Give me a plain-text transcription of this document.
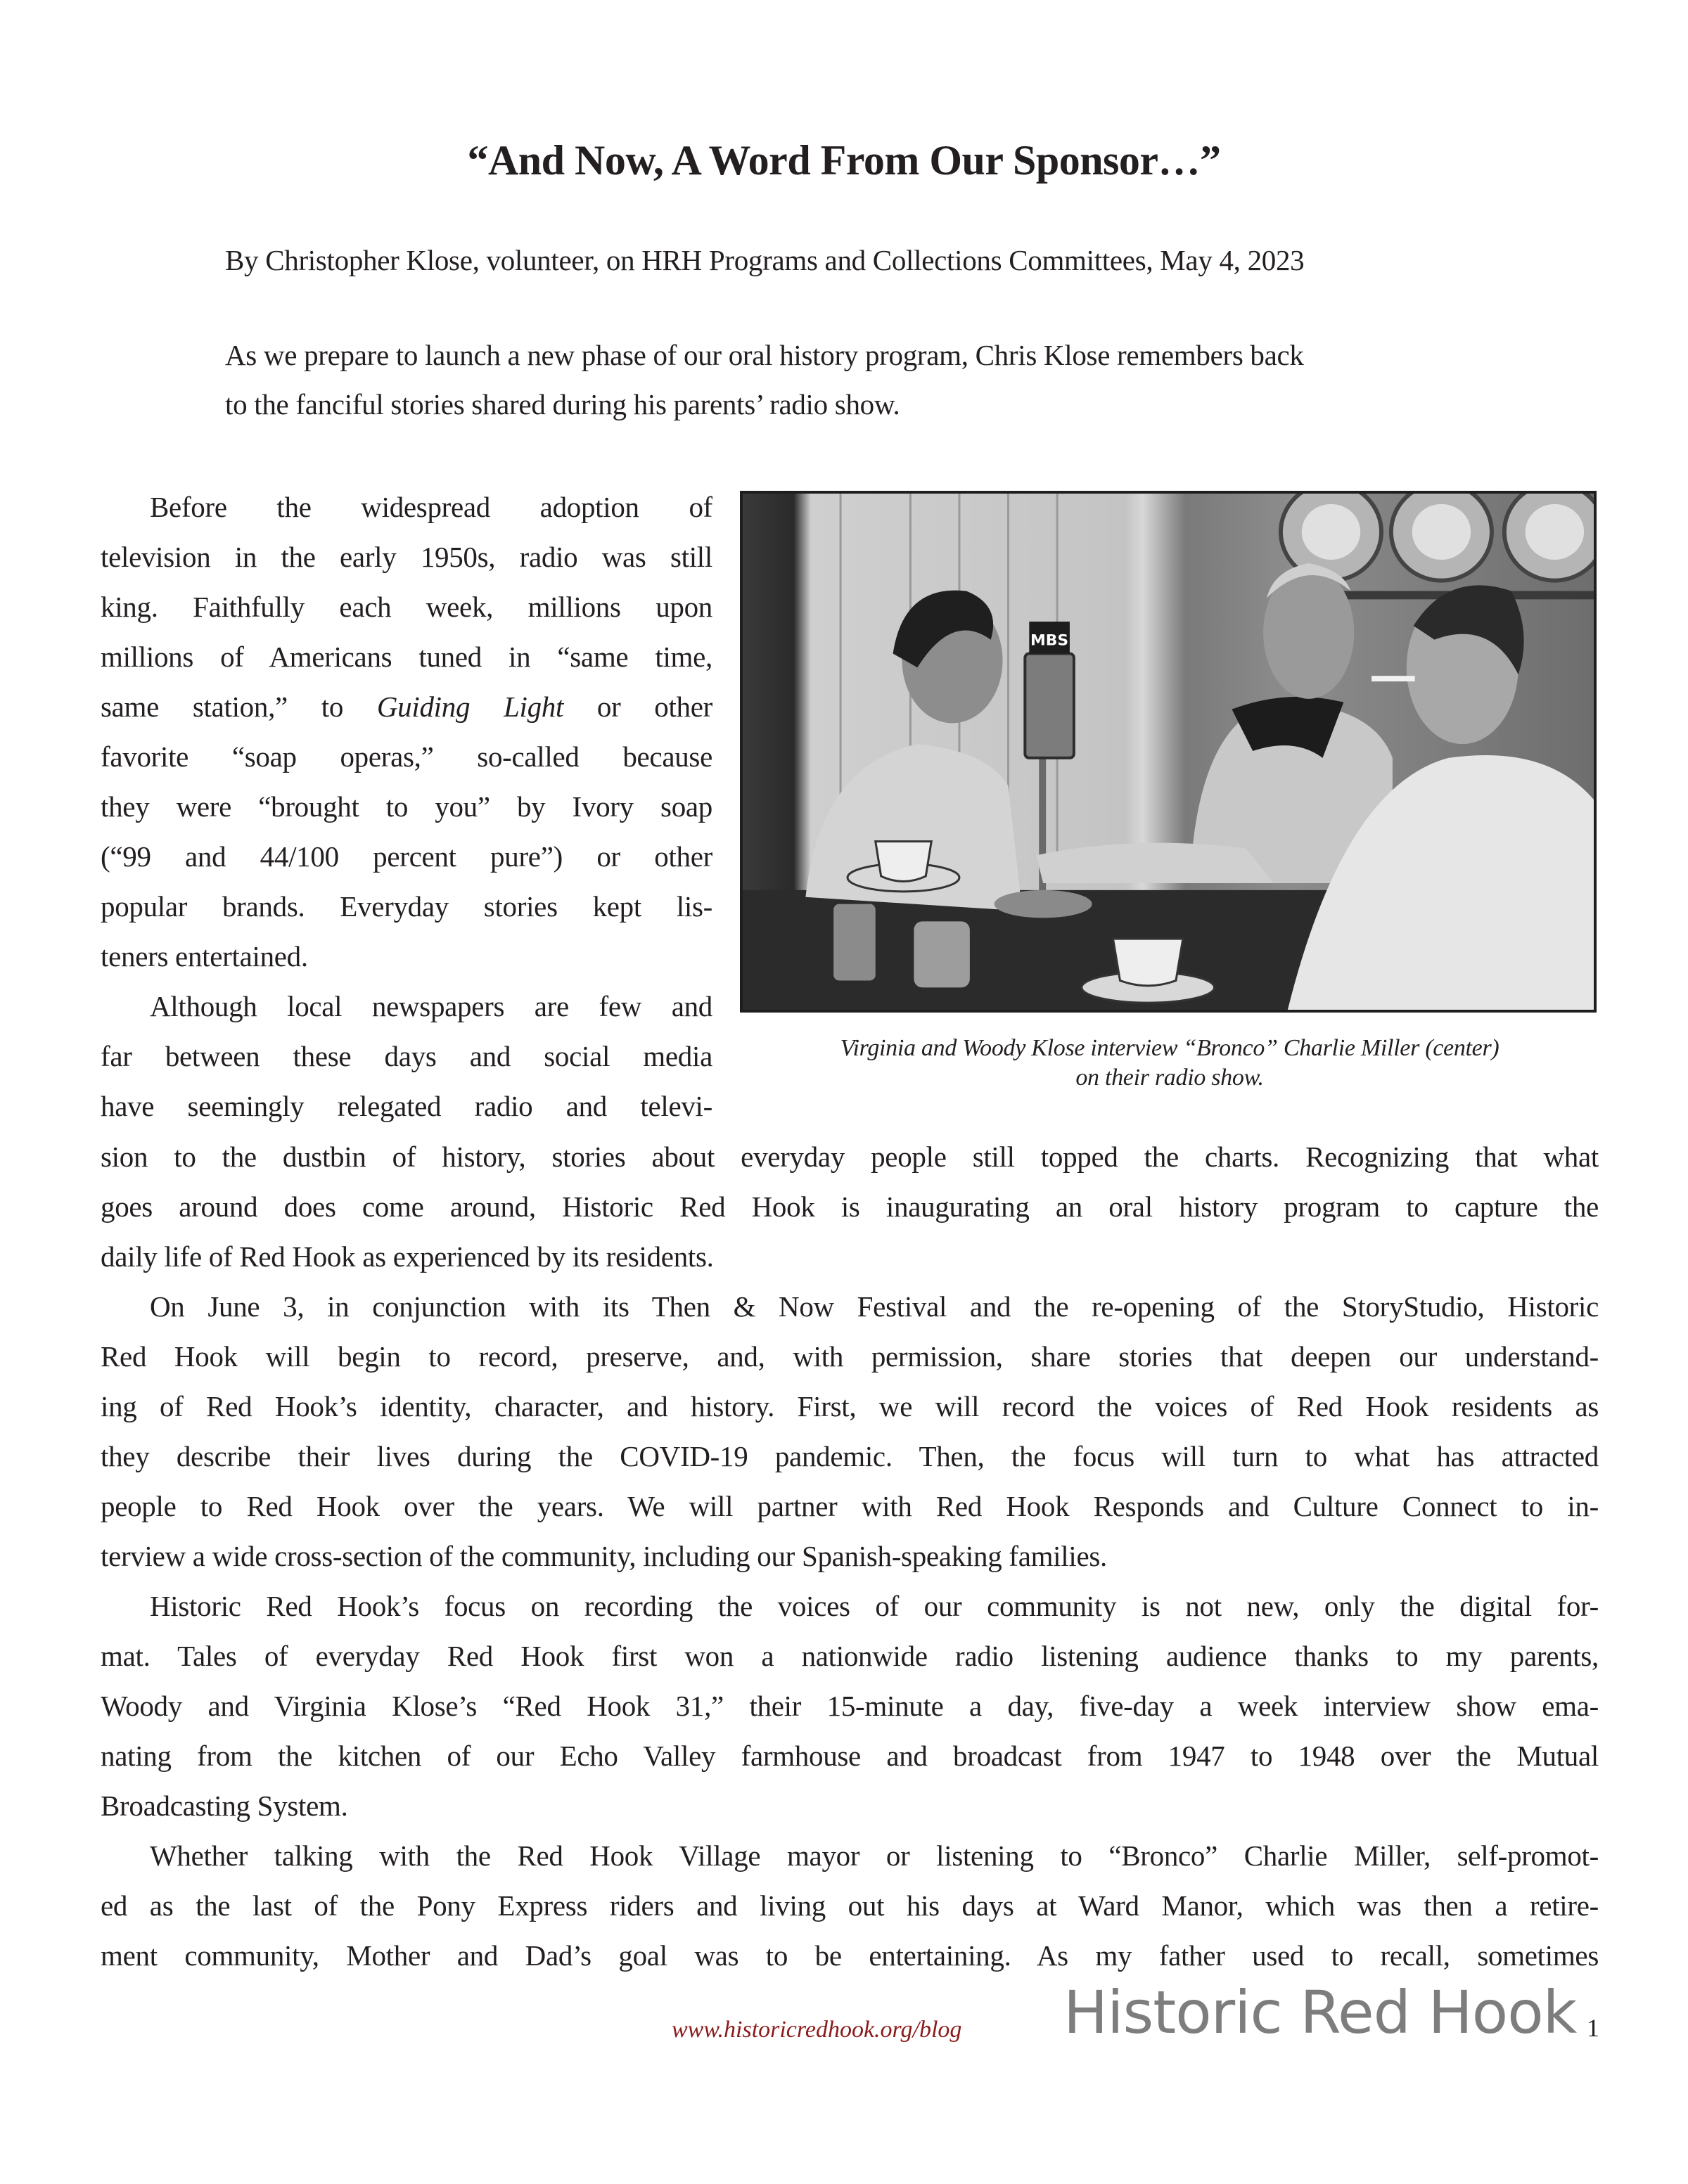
“And Now, A Word From Our Sponsor…”
By Christopher Klose, volunteer, on HRH Programs and Collections Committees, May 4, 2023
As we prepare to launch a new phase of our oral history program, Chris Klose remembers back
to the fanciful stories shared during his parents’ radio show.
Before the widespread adoption of
television in the early 1950s, radio was still
king. Faithfully each week, millions upon
millions of Americans tuned in “same time,
same station,” to Guiding Light or other
favorite “soap operas,” so-called because
they were “brought to you” by Ivory soap
(“99 and 44/100 percent pure”) or other
popular brands. Everyday stories kept lis-
teners entertained.
Although local newspapers are few and
far between these days and social media
have seemingly relegated radio and televi-
MBS
Virginia and Woody Klose interview “Bronco” Charlie Miller (center)
on their radio show.
sion to the dustbin of history, stories about everyday people still topped the charts. Recognizing that what
goes around does come around, Historic Red Hook is inaugurating an oral history program to capture the
daily life of Red Hook as experienced by its residents.
On June 3, in conjunction with its Then & Now Festival and the re-opening of the StoryStudio, Historic
Red Hook will begin to record, preserve, and, with permission, share stories that deepen our understand-
ing of Red Hook’s identity, character, and history. First, we will record the voices of Red Hook residents as
they describe their lives during the COVID-19 pandemic. Then, the focus will turn to what has attracted
people to Red Hook over the years. We will partner with Red Hook Responds and Culture Connect to in-
terview a wide cross-section of the community, including our Spanish-speaking families.
Historic Red Hook’s focus on recording the voices of our community is not new, only the digital for-
mat. Tales of everyday Red Hook first won a nationwide radio listening audience thanks to my parents,
Woody and Virginia Klose’s “Red Hook 31,” their 15-minute a day, five-day a week interview show ema-
nating from the kitchen of our Echo Valley farmhouse and broadcast from 1947 to 1948 over the Mutual
Broadcasting System.
Whether talking with the Red Hook Village mayor or listening to “Bronco” Charlie Miller, self-promot-
ed as the last of the Pony Express riders and living out his days at Ward Manor, which was then a retire-
ment community, Mother and Dad’s goal was to be entertaining. As my father used to recall, sometimes
www.historicredhook.org/blog Historic Red Hook 1
